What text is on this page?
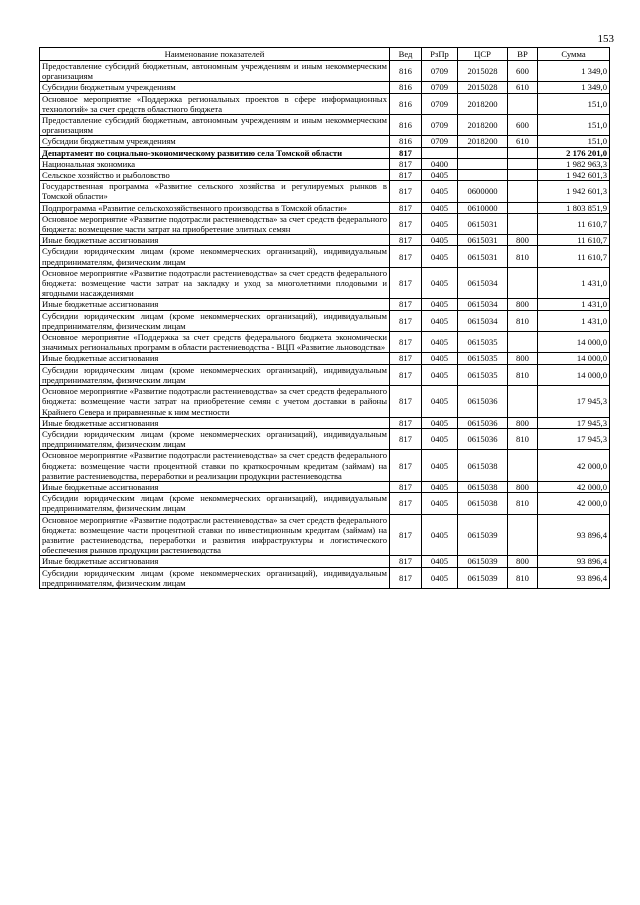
153
Наименование показателей	Вед	РзПр	ЦСР	ВР	Сумма
Предоставление субсидий бюджетным, автономным учреждениям и иным некоммерческим организациям	816	0709	2015028	600	1 349,0
Субсидии бюджетным учреждениям	816	0709	2015028	610	1 349,0
Основное мероприятие «Поддержка региональных проектов в сфере информационных технологий» за счет средств областного бюджета	816	0709	2018200		151,0
Предоставление субсидий бюджетным, автономным учреждениям и иным некоммерческим организациям	816	0709	2018200	600	151,0
Субсидии бюджетным учреждениям	816	0709	2018200	610	151,0
Департамент по социально-экономическому развитию села Томской области	817				2 176 201,0
Национальная экономика	817	0400			1 982 963,3
Сельское хозяйство и рыболовство	817	0405			1 942 601,3
Государственная программа «Развитие сельского хозяйства и регулируемых рынков в Томской области»	817	0405	0600000		1 942 601,3
Подпрограмма «Развитие сельскохозяйственного производства в Томской области»	817	0405	0610000		1 803 851,9
Основное мероприятие «Развитие подотрасли растениеводства» за счет средств федерального бюджета: возмещение части затрат на приобретение элитных семян	817	0405	0615031		11 610,7
Иные бюджетные ассигнования	817	0405	0615031	800	11 610,7
Субсидии юридическим лицам (кроме некоммерческих организаций), индивидуальным предпринимателям, физическим лицам	817	0405	0615031	810	11 610,7
Основное мероприятие «Развитие подотрасли растениеводства» за счет средств федерального бюджета: возмещение части затрат на закладку и уход за многолетними плодовыми и ягодными насаждениями	817	0405	0615034		1 431,0
Иные бюджетные ассигнования	817	0405	0615034	800	1 431,0
Субсидии юридическим лицам (кроме некоммерческих организаций), индивидуальным предпринимателям, физическим лицам	817	0405	0615034	810	1 431,0
Основное мероприятие «Поддержка за счет средств федерального бюджета экономически значимых региональных программ в области растениеводства - ВЦП «Развитие льноводства»	817	0405	0615035		14 000,0
Иные бюджетные ассигнования	817	0405	0615035	800	14 000,0
Субсидии юридическим лицам (кроме некоммерческих организаций), индивидуальным предпринимателям, физическим лицам	817	0405	0615035	810	14 000,0
Основное мероприятие «Развитие подотрасли растениеводства» за счет средств федерального бюджета: возмещение части затрат на приобретение семян с учетом доставки в районы Крайнего Севера и приравненные к ним местности	817	0405	0615036		17 945,3
Иные бюджетные ассигнования	817	0405	0615036	800	17 945,3
Субсидии юридическим лицам (кроме некоммерческих организаций), индивидуальным предпринимателям, физическим лицам	817	0405	0615036	810	17 945,3
Основное мероприятие «Развитие подотрасли растениеводства» за счет средств федерального бюджета: возмещение части процентной ставки по краткосрочным кредитам (займам) на развитие растениеводства, переработки и реализации продукции растениеводства	817	0405	0615038		42 000,0
Иные бюджетные ассигнования	817	0405	0615038	800	42 000,0
Субсидии юридическим лицам (кроме некоммерческих организаций), индивидуальным предпринимателям, физическим лицам	817	0405	0615038	810	42 000,0
Основное мероприятие «Развитие подотрасли растениеводства» за счет средств федерального бюджета: возмещение части процентной ставки по инвестиционным кредитам (займам) на развитие растениеводства, переработки и развития инфраструктуры и логистического обеспечения рынков продукции растениеводства	817	0405	0615039		93 896,4
Иные бюджетные ассигнования	817	0405	0615039	800	93 896,4
Субсидии юридическим лицам (кроме некоммерческих организаций), индивидуальным предпринимателям, физическим лицам	817	0405	0615039	810	93 896,4
